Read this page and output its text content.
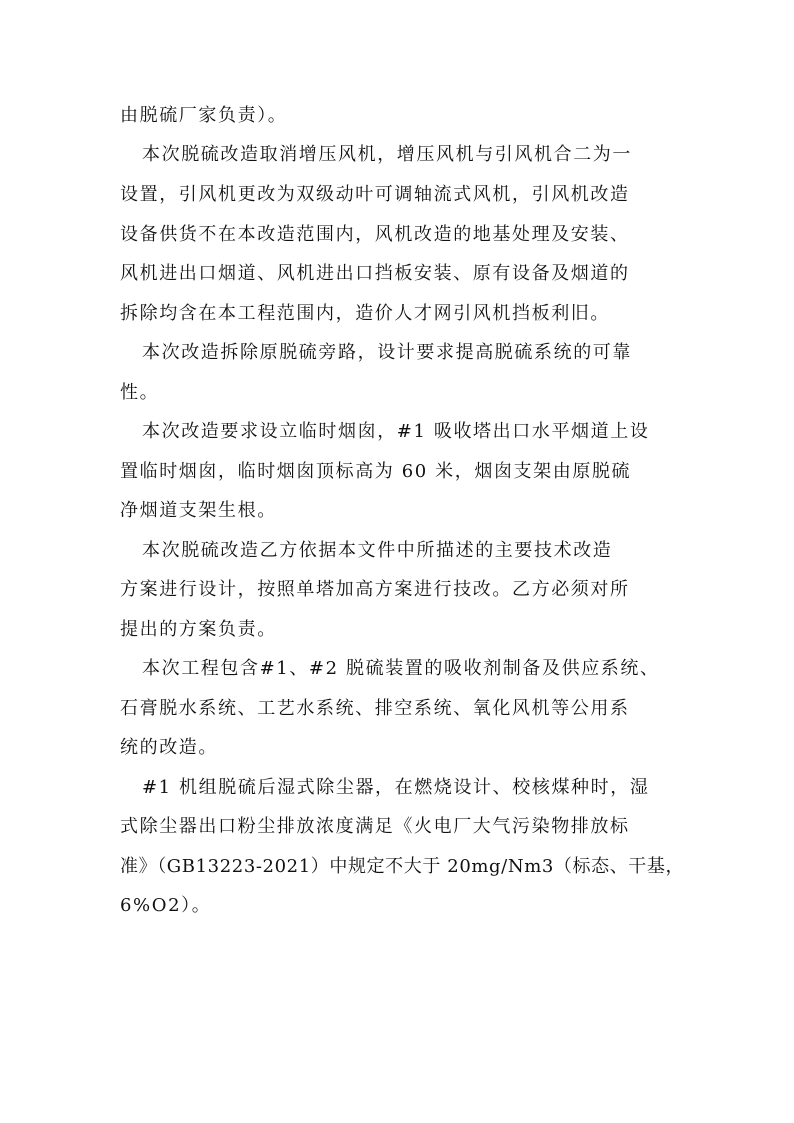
由脱硫厂家负责）。
本次脱硫改造取消增压风机，增压风机与引风机合二为一
设置，引风机更改为双级动叶可调轴流式风机，引风机改造
设备供货不在本改造范围内，风机改造的地基处理及安装、
风机进出口烟道、风机进出口挡板安装、原有设备及烟道的
拆除均含在本工程范围内，造价人才网引风机挡板利旧。
本次改造拆除原脱硫旁路，设计要求提高脱硫系统的可靠
性。
本次改造要求设立临时烟囱，#1 吸收塔出口水平烟道上设
置临时烟囱，临时烟囱顶标高为 60 米，烟囱支架由原脱硫
净烟道支架生根。
本次脱硫改造乙方依据本文件中所描述的主要技术改造
方案进行设计，按照单塔加高方案进行技改。乙方必须对所
提出的方案负责。
本次工程包含#1、#2 脱硫装置的吸收剂制备及供应系统、
石膏脱水系统、工艺水系统、排空系统、氧化风机等公用系
统的改造。
#1 机组脱硫后湿式除尘器，在燃烧设计、校核煤种时，湿
式除尘器出口粉尘排放浓度满足《火电厂大气污染物排放标
准》（GB13223-2021）中规定不大于 20mg/Nm3（标态、干基，
6%O2）。
